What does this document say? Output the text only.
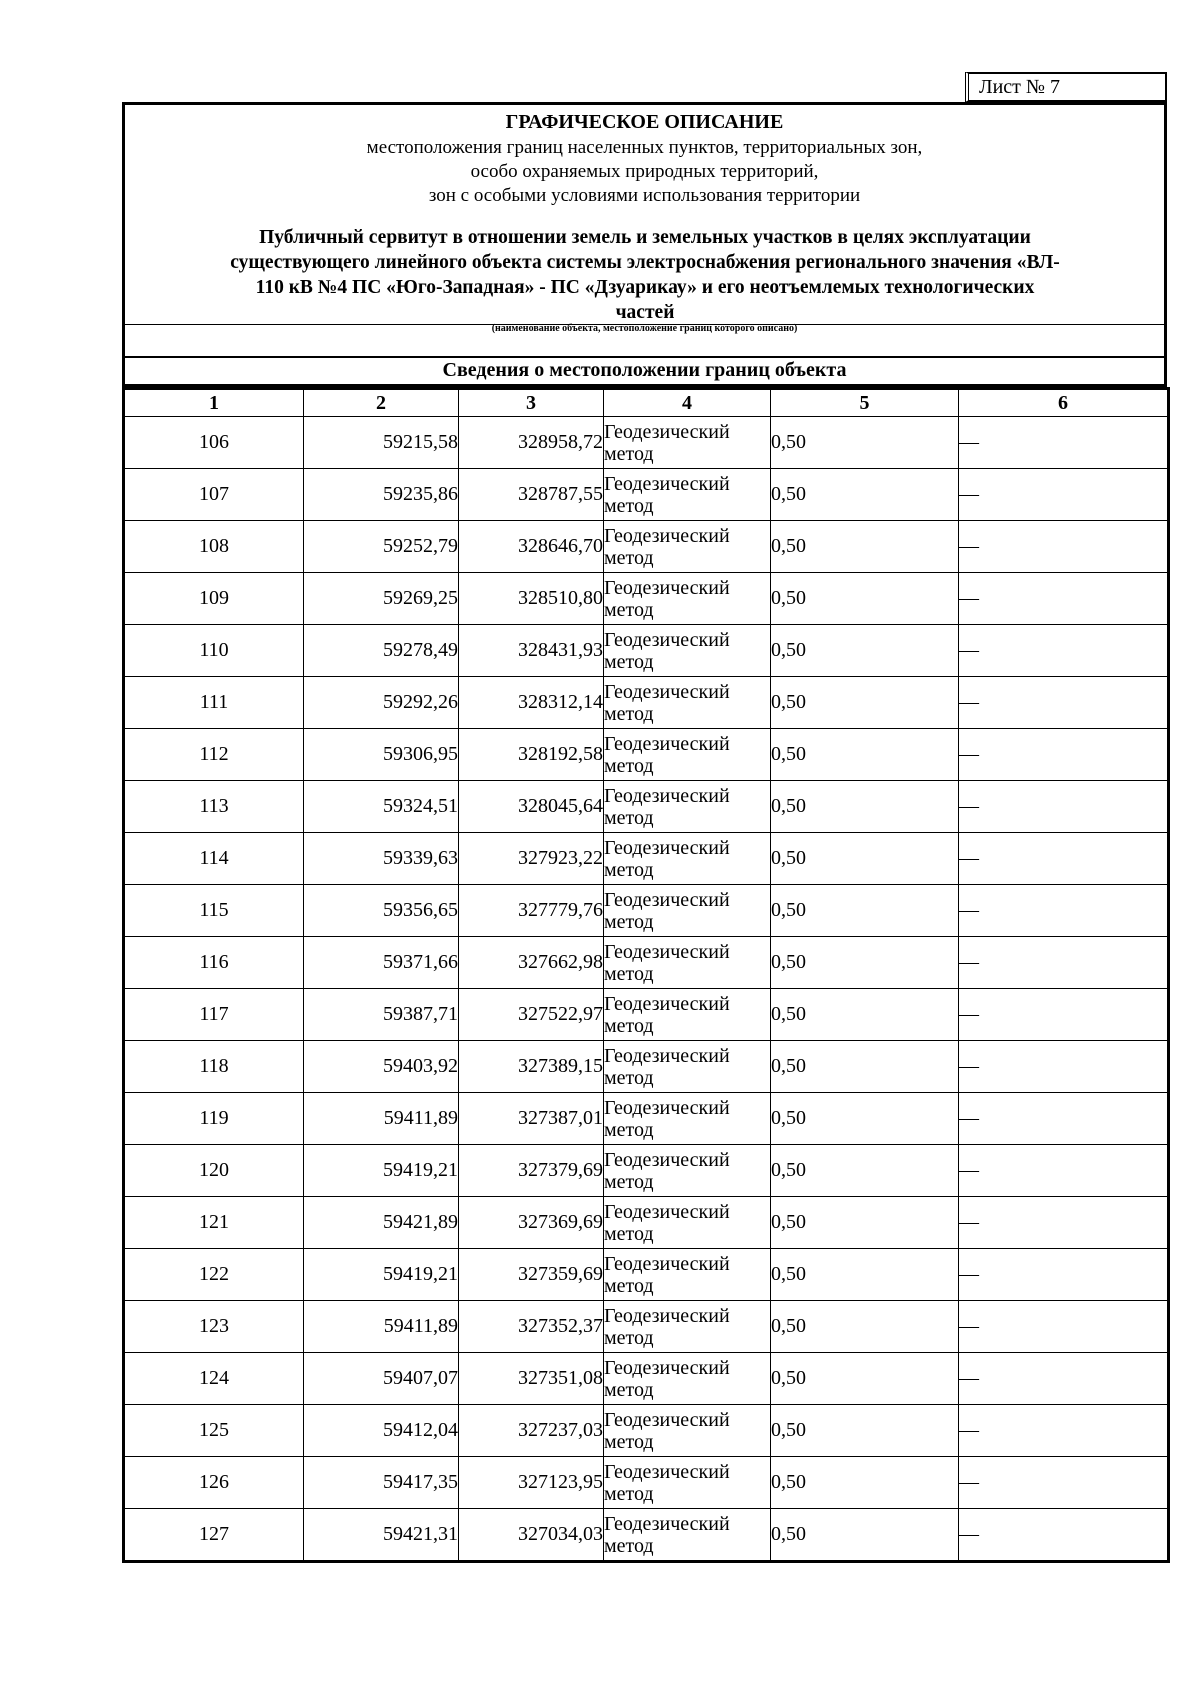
Лист № 7
ГРАФИЧЕСКОЕ ОПИСАНИЕ
местоположения границ населенных пунктов, территориальных зон,
особо охраняемых природных территорий,
зон с особыми условиями использования территории
Публичный сервитут в отношении земель и земельных участков в целях эксплуатации
существующего линейного объекта системы электроснабжения регионального значения «ВЛ-
110 кВ №4 ПС «Юго-Западная» - ПС «Дзуарикау» и его неотъемлемых технологических
частей
(наименование объекта, местоположение границ которого описано)
Сведения о местоположении границ объекта
1	2	3	4	5	6
106	59215,58	328958,72	Геодезический метод	0,50	—
107	59235,86	328787,55	Геодезический метод	0,50	—
108	59252,79	328646,70	Геодезический метод	0,50	—
109	59269,25	328510,80	Геодезический метод	0,50	—
110	59278,49	328431,93	Геодезический метод	0,50	—
111	59292,26	328312,14	Геодезический метод	0,50	—
112	59306,95	328192,58	Геодезический метод	0,50	—
113	59324,51	328045,64	Геодезический метод	0,50	—
114	59339,63	327923,22	Геодезический метод	0,50	—
115	59356,65	327779,76	Геодезический метод	0,50	—
116	59371,66	327662,98	Геодезический метод	0,50	—
117	59387,71	327522,97	Геодезический метод	0,50	—
118	59403,92	327389,15	Геодезический метод	0,50	—
119	59411,89	327387,01	Геодезический метод	0,50	—
120	59419,21	327379,69	Геодезический метод	0,50	—
121	59421,89	327369,69	Геодезический метод	0,50	—
122	59419,21	327359,69	Геодезический метод	0,50	—
123	59411,89	327352,37	Геодезический метод	0,50	—
124	59407,07	327351,08	Геодезический метод	0,50	—
125	59412,04	327237,03	Геодезический метод	0,50	—
126	59417,35	327123,95	Геодезический метод	0,50	—
127	59421,31	327034,03	Геодезический метод	0,50	—
